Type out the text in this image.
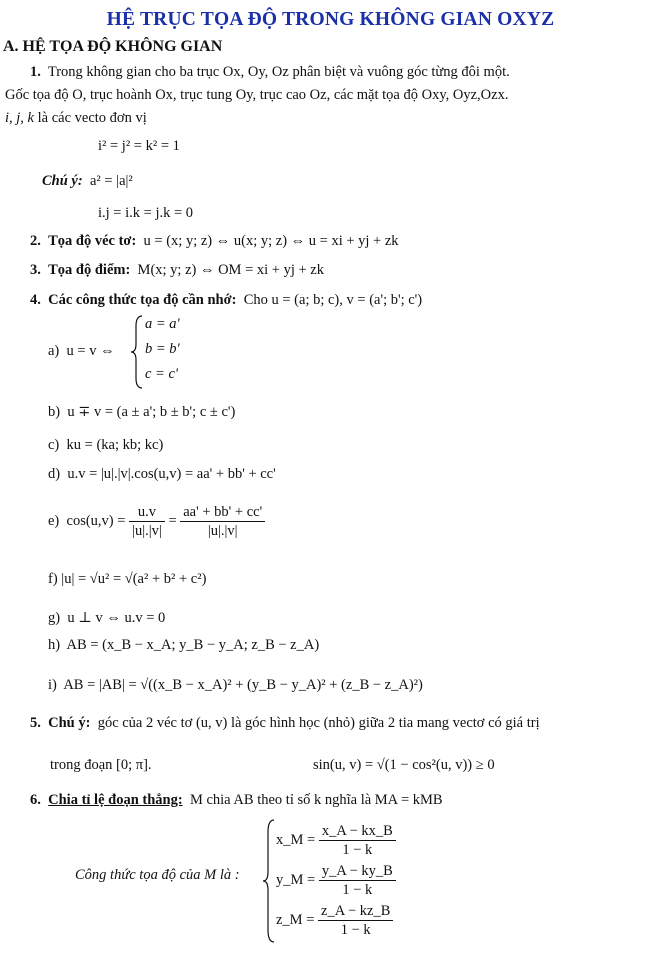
HỆ TRỤC TỌA ĐỘ TRONG KHÔNG GIAN OXYZ
A. HỆ TỌA ĐỘ KHÔNG GIAN
1. Trong không gian cho ba trục Ox, Oy, Oz phân biệt và vuông góc từng đôi một.
Gốc tọa độ O, trục hoành Ox, trục tung Oy, trục cao Oz, các mặt tọa độ Oxy, Oyz,Ozx.
i, j, k là các vecto đơn vị
i² = j² = k² = 1
Chú ý: a² = |a|²
i.j = i.k = j.k = 0
2. Tọa độ véc tơ: u = (x; y; z) ⇔ u(x; y; z) ⇔ u = xi + yj + zk
3. Tọa độ điểm: M(x; y; z) ⇔ OM = xi + yj + zk
4. Các công thức tọa độ cần nhớ: Cho u = (a; b; c), v = (a'; b'; c')
a) u = v ⇔
a = a'
b = b'
c = c'
b) u ∓ v = (a ± a'; b ± b'; c ± c')
c) ku = (ka; kb; kc)
d) u.v = |u|.|v|.cos(u,v) = aa' + bb' + cc'
e) $\cos(u,v) = \frac{u.v}{|u|.|v|} = \frac{aa' + bb' + cc'}{|u|.|v|}$
f) |u| = √u² = √(a² + b² + c²)
g) u ⊥ v ⇔ u.v = 0
h) AB = (x_B − x_A; y_B − y_A; z_B − z_A)
i) AB = |AB| = √((x_B − x_A)² + (y_B − y_A)² + (z_B − z_A)²)
5. Chú ý: góc của 2 véc tơ (u, v) là góc hình học (nhỏ) giữa 2 tia mang vectơ có giá trị
trong đoạn [0; π].	sin(u, v) = √(1 − cos²(u, v)) ≥ 0
6. Chia tỉ lệ đoạn thẳng: M chia AB theo tỉ số k nghĩa là MA = kMB
Công thức tọa độ của M là :
x_M = $\frac{x\_A - kx\_B}{1 - k}$
y_M = $\frac{y\_A - ky\_B}{1 - k}$
z_M = $\frac{z\_A - kz\_B}{1 - k}$
